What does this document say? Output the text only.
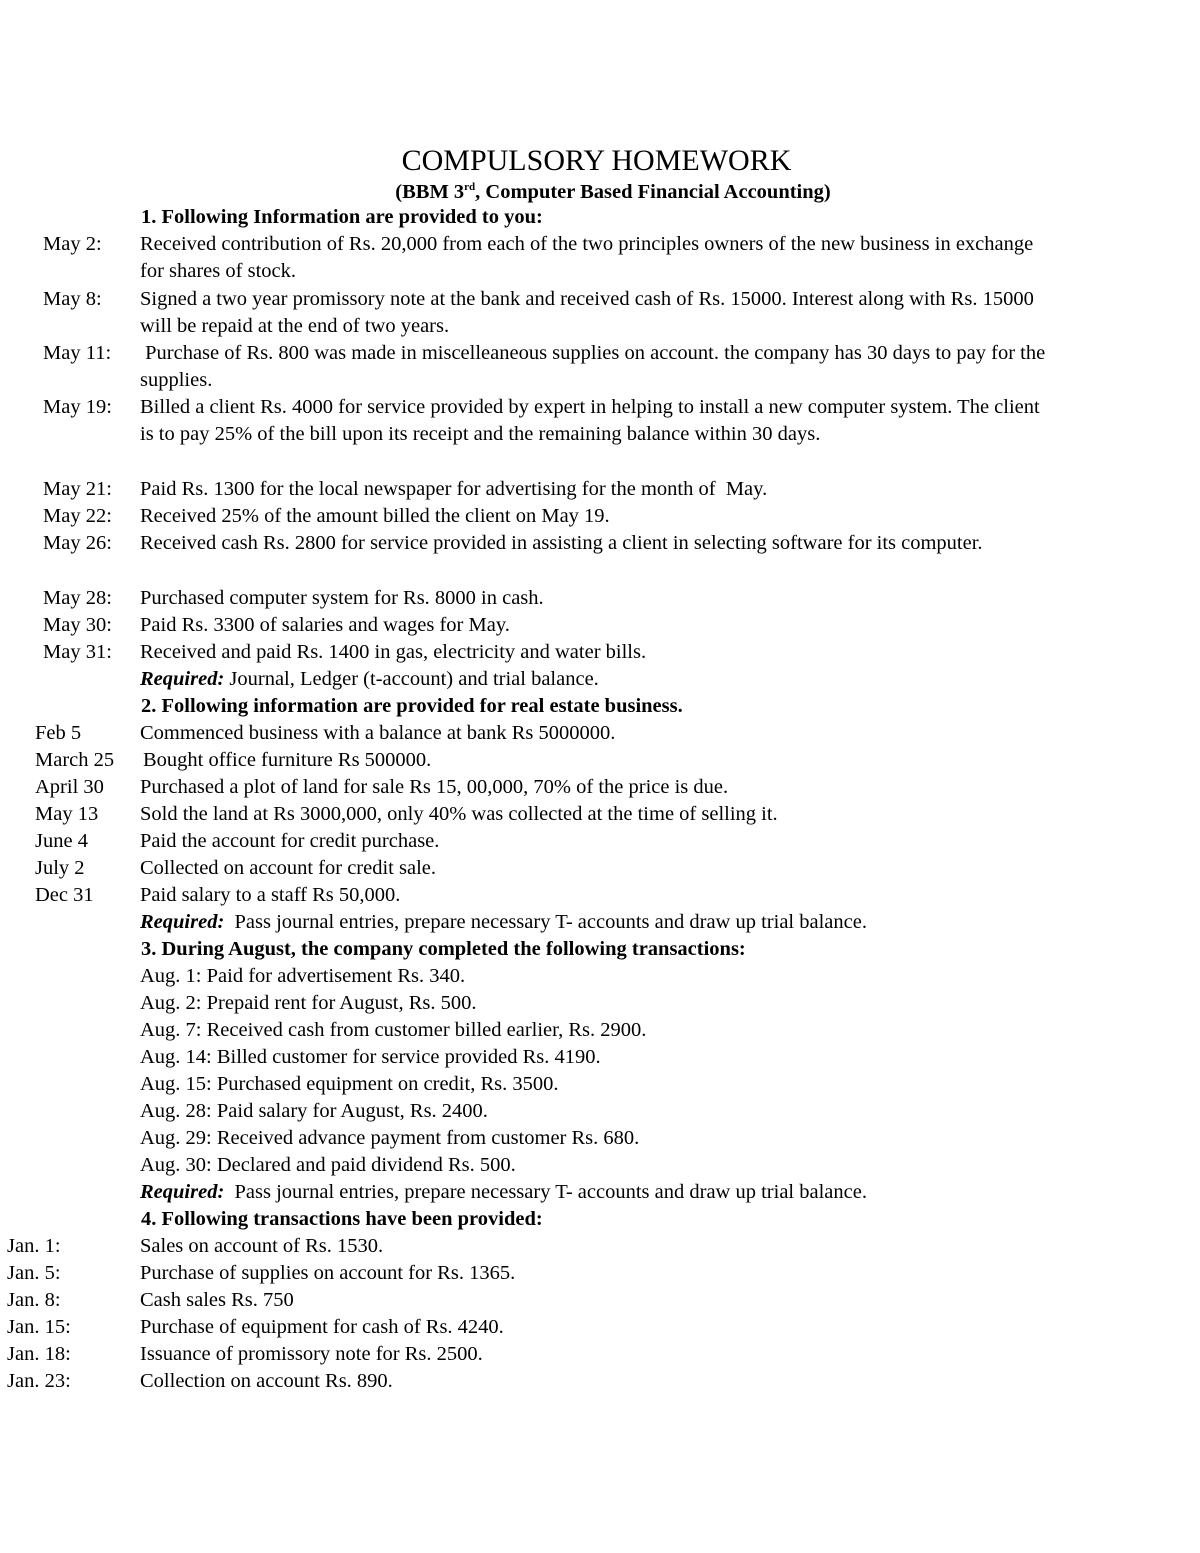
COMPULSORY HOMEWORK
(BBM 3rd, Computer Based Financial Accounting)
1. Following Information are provided to you:
May 2: Received contribution of Rs. 20,000 from each of the two principles owners of the new business in exchange for shares of stock.
May 8: Signed a two year promissory note at the bank and received cash of Rs. 15000. Interest along with Rs. 15000 will be repaid at the end of two years.
May 11: Purchase of Rs. 800 was made in miscelleaneous supplies on account. the company has 30 days to pay for the supplies.
May 19: Billed a client Rs. 4000 for service provided by expert in helping to install a new computer system. The client is to pay 25% of the bill upon its receipt and the remaining balance within 30 days.
May 21: Paid Rs. 1300 for the local newspaper for advertising for the month of  May.
May 22: Received 25% of the amount billed the client on May 19.
May 26: Received cash Rs. 2800 for service provided in assisting a client in selecting software for its computer.
May 28: Purchased computer system for Rs. 8000 in cash.
May 30: Paid Rs. 3300 of salaries and wages for May.
May 31: Received and paid Rs. 1400 in gas, electricity and water bills.
Required: Journal, Ledger (t-account) and trial balance.
2. Following information are provided for real estate business.
Feb 5	Commenced business with a balance at bank Rs 5000000.
March 25 Bought office furniture Rs 500000.
April 30 Purchased a plot of land for sale Rs 15, 00,000, 70% of the price is due.
May 13 Sold the land at Rs 3000,000, only 40% was collected at the time of selling it.
June 4	Paid the account for credit purchase.
July 2	Collected on account for credit sale.
Dec 31 Paid salary to a staff Rs 50,000.
Required:  Pass journal entries, prepare necessary T- accounts and draw up trial balance.
3. During August, the company completed the following transactions:
Aug. 1: Paid for advertisement Rs. 340.
Aug. 2: Prepaid rent for August, Rs. 500.
Aug. 7: Received cash from customer billed earlier, Rs. 2900.
Aug. 14: Billed customer for service provided Rs. 4190.
Aug. 15: Purchased equipment on credit, Rs. 3500.
Aug. 28: Paid salary for August, Rs. 2400.
Aug. 29: Received advance payment from customer Rs. 680.
Aug. 30: Declared and paid dividend Rs. 500.
Required:  Pass journal entries, prepare necessary T- accounts and draw up trial balance.
4. Following transactions have been provided:
Jan. 1:	Sales on account of Rs. 1530.
Jan. 5:	Purchase of supplies on account for Rs. 1365.
Jan. 8:	Cash sales Rs. 750
Jan. 15:	Purchase of equipment for cash of Rs. 4240.
Jan. 18:	Issuance of promissory note for Rs. 2500.
Jan. 23:	Collection on account Rs. 890.
